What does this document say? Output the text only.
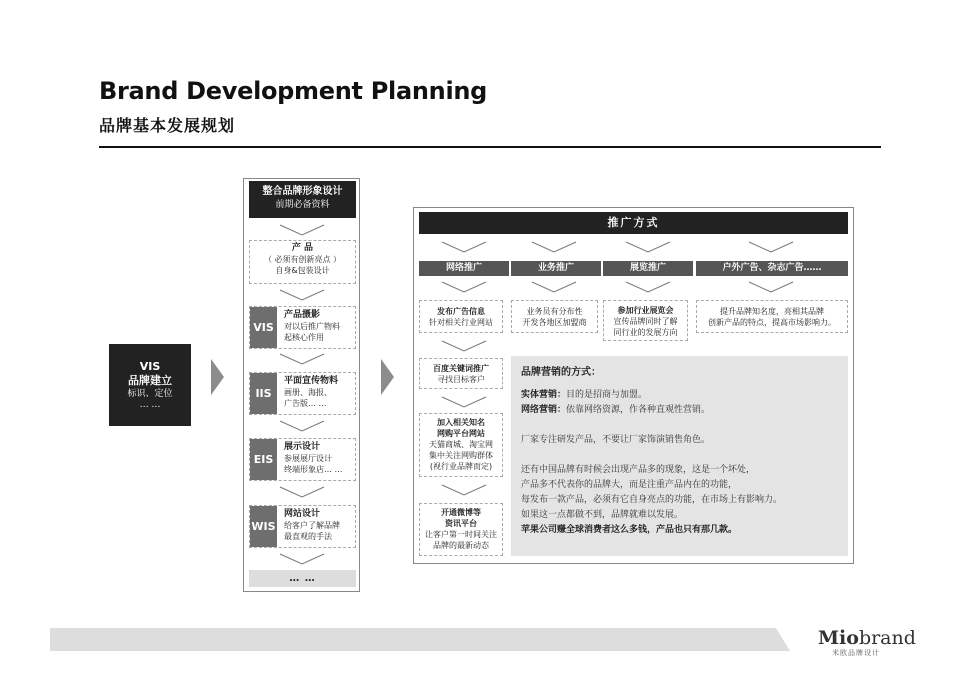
Brand Development Planning
品牌基本发展规划
VIS
品牌建立
标识、定位
… …
整合品牌形象设计
前期必备资料
产 品
（ 必须有创新亮点 ）
自身&包装设计
VIS
产品摄影
对以后推广物料
起核心作用
IIS
平面宣传物料
画册、海报、
广告版… …
EIS
展示设计
参展展厅设计
终端形象店… …
WIS
网站设计
给客户了解品牌
最直观的手法
… …
推广方式
网络推广	业务推广	展览推广	户外广告、杂志广告……
发布广告信息
针对相关行业网站
业务员有分布性
开发各地区加盟商
参加行业展览会
宣传品牌同时了解
同行业的发展方向
提升品牌知名度，亮相其品牌
创新产品的特点，提高市场影响力。
百度关键词推广
寻找目标客户
加入相关知名
网购平台网站
天猫商城、淘宝网
集中关注网购群体
(视行业品牌而定)
开通微博等
资讯平台
让客户第一时间关注
品牌的最新动态
品牌营销的方式：
实体营销：目的是招商与加盟。
网络营销：依靠网络资源，作各种直观性营销。
厂家专注研发产品，不要让厂家饰演销售角色。
还有中国品牌有时候会出现产品多的现象，这是一个坏处，
产品多不代表你的品牌大，而是注重产品内在的功能，
每发布一款产品，必须有它自身亮点的功能，在市场上有影响力。
如果这一点都做不到，品牌就难以发展。
苹果公司赚全球消费者这么多钱，产品也只有那几款。
Miobrand
米欧品牌设计
